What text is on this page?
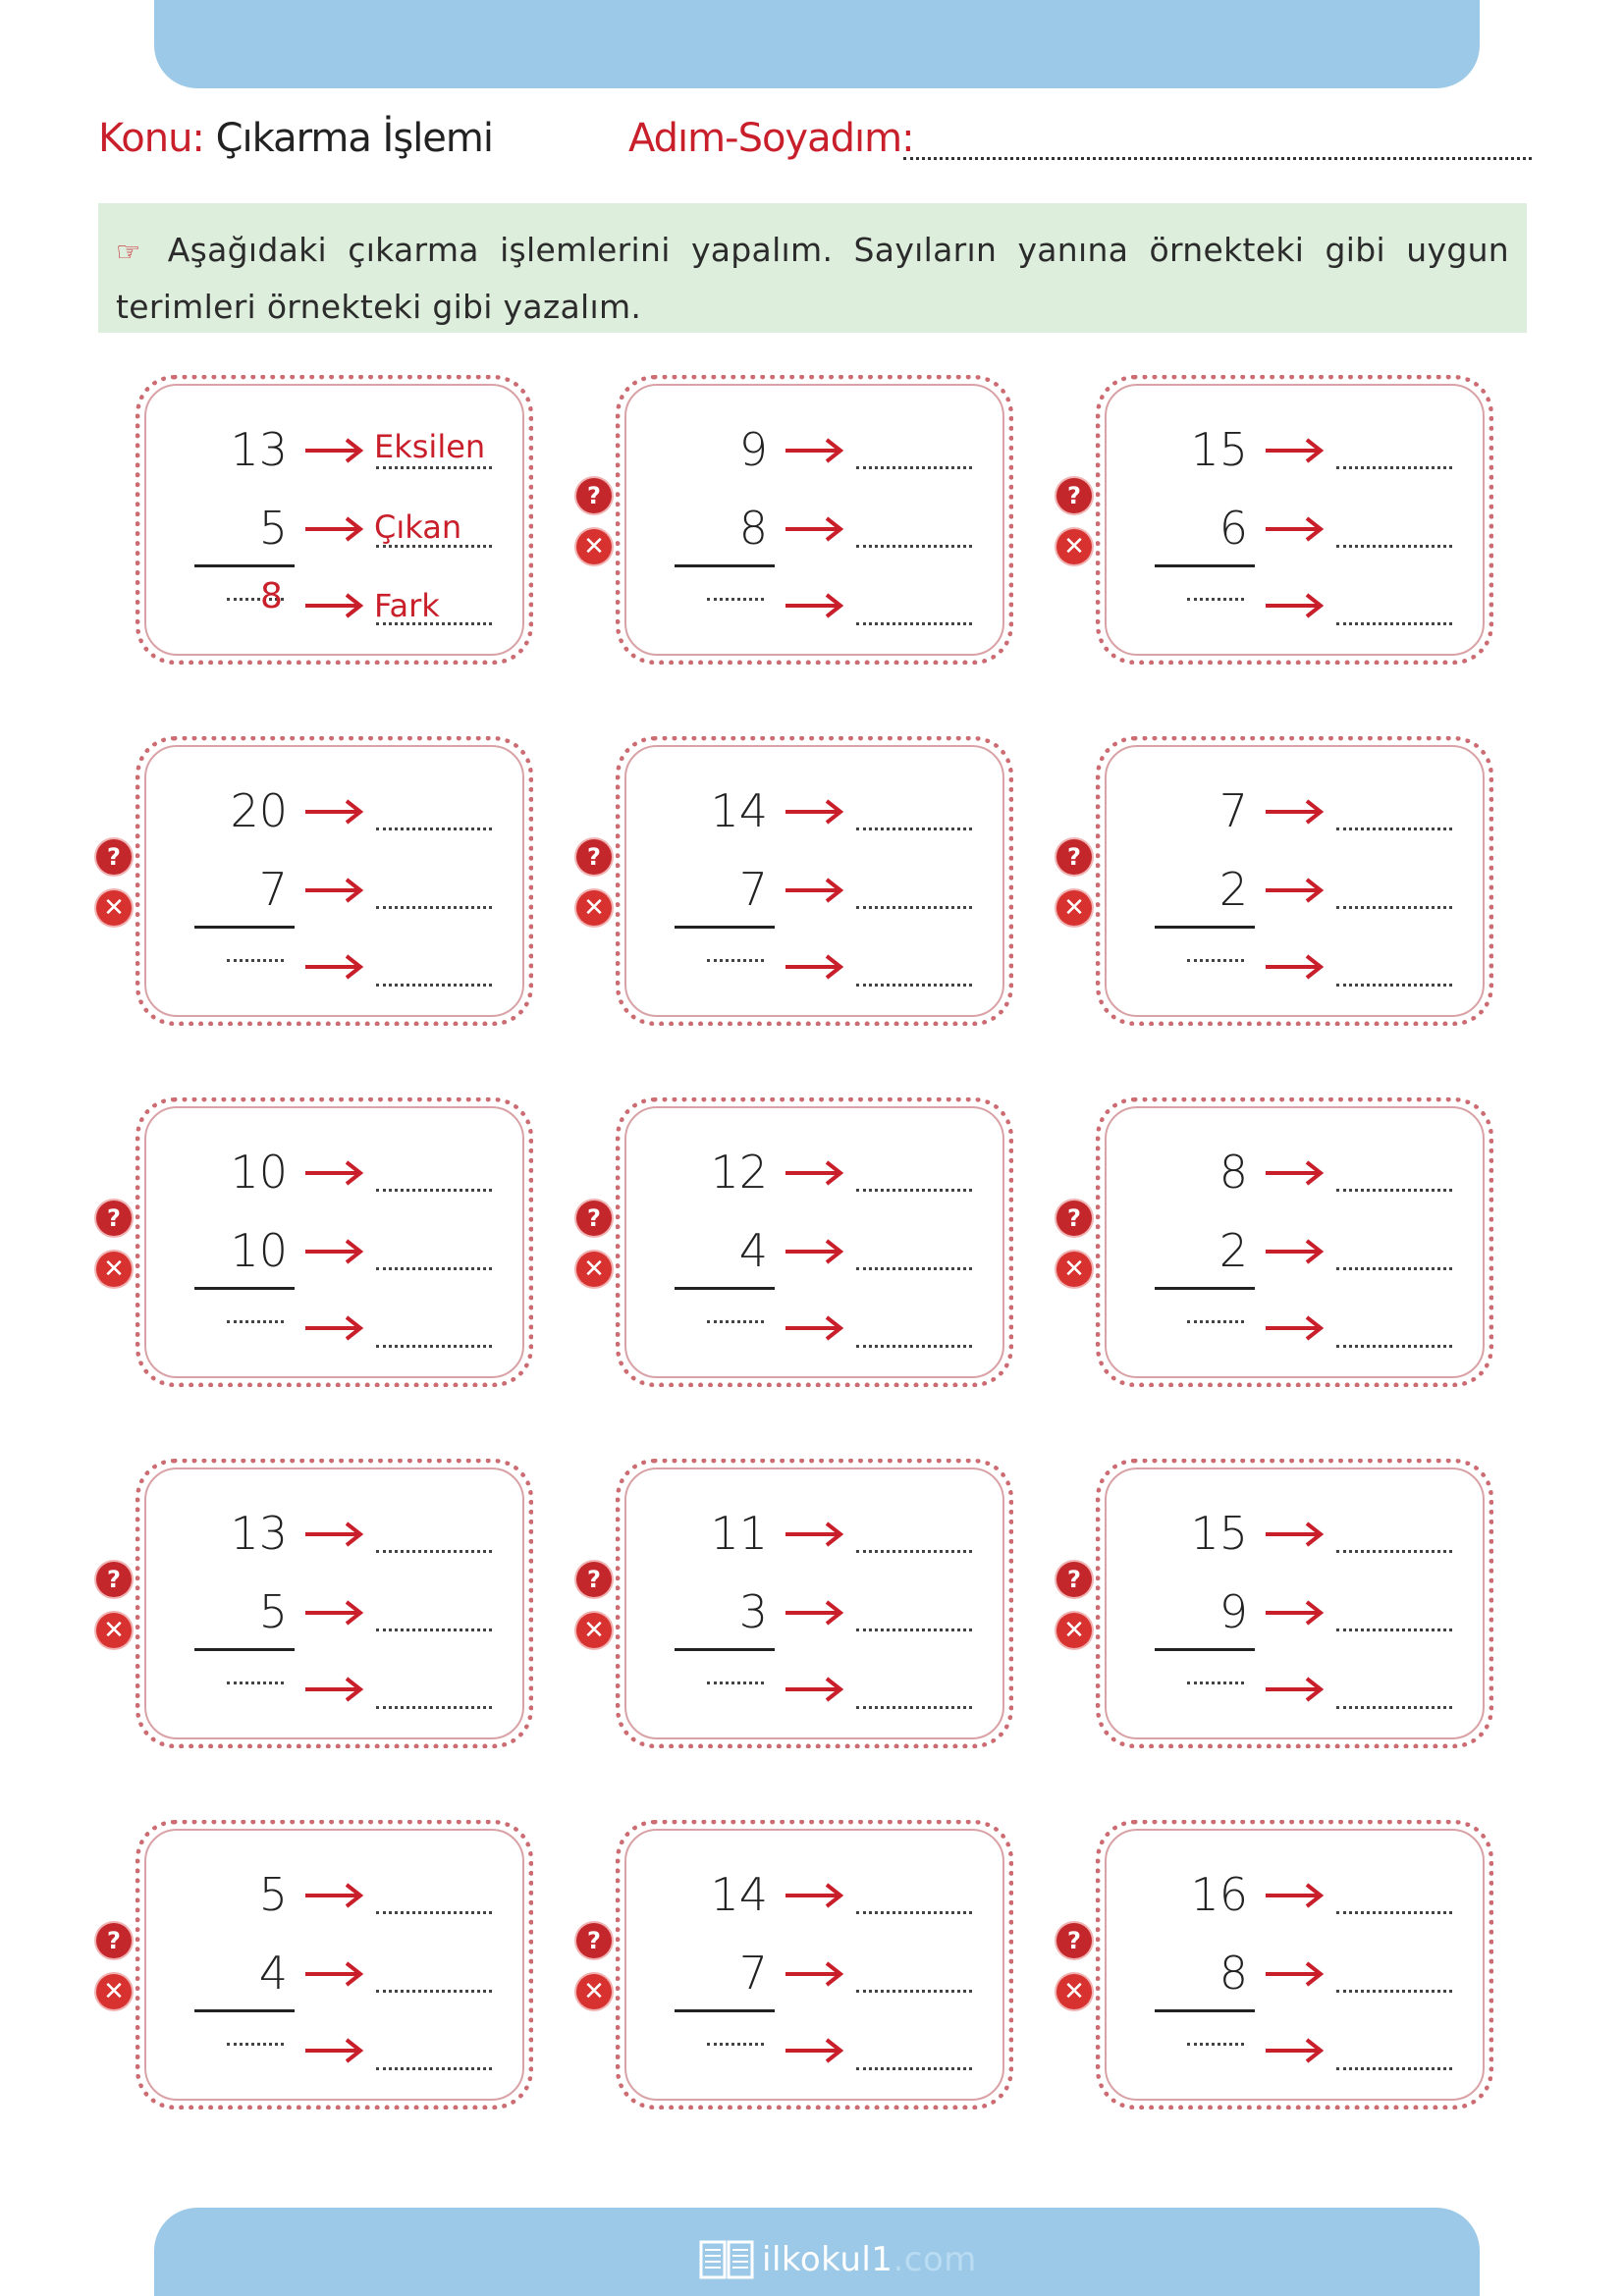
Konu: Çıkarma İşlemi	Adım-Soyadım:
☞ Aşağıdaki çıkarma işlemlerini yapalım. Sayıların yanına örnekteki gibi uygun terimleri örnekteki gibi yazalım.
13
5
_
8
Eksilen
Çıkan
Fark
?
✕
9
8
_
?
✕
15
6
_
?
✕
20
7
_
?
✕
14
7
_
?
✕
7
2
_
?
✕
10
10
_
?
✕
12
4
_
?
✕
8
2
_
?
✕
13
5
_
?
✕
11
3
_
?
✕
15
9
_
?
✕
5
4
_
?
✕
14
7
_
?
✕
16
8
_
ilkokul1.com
